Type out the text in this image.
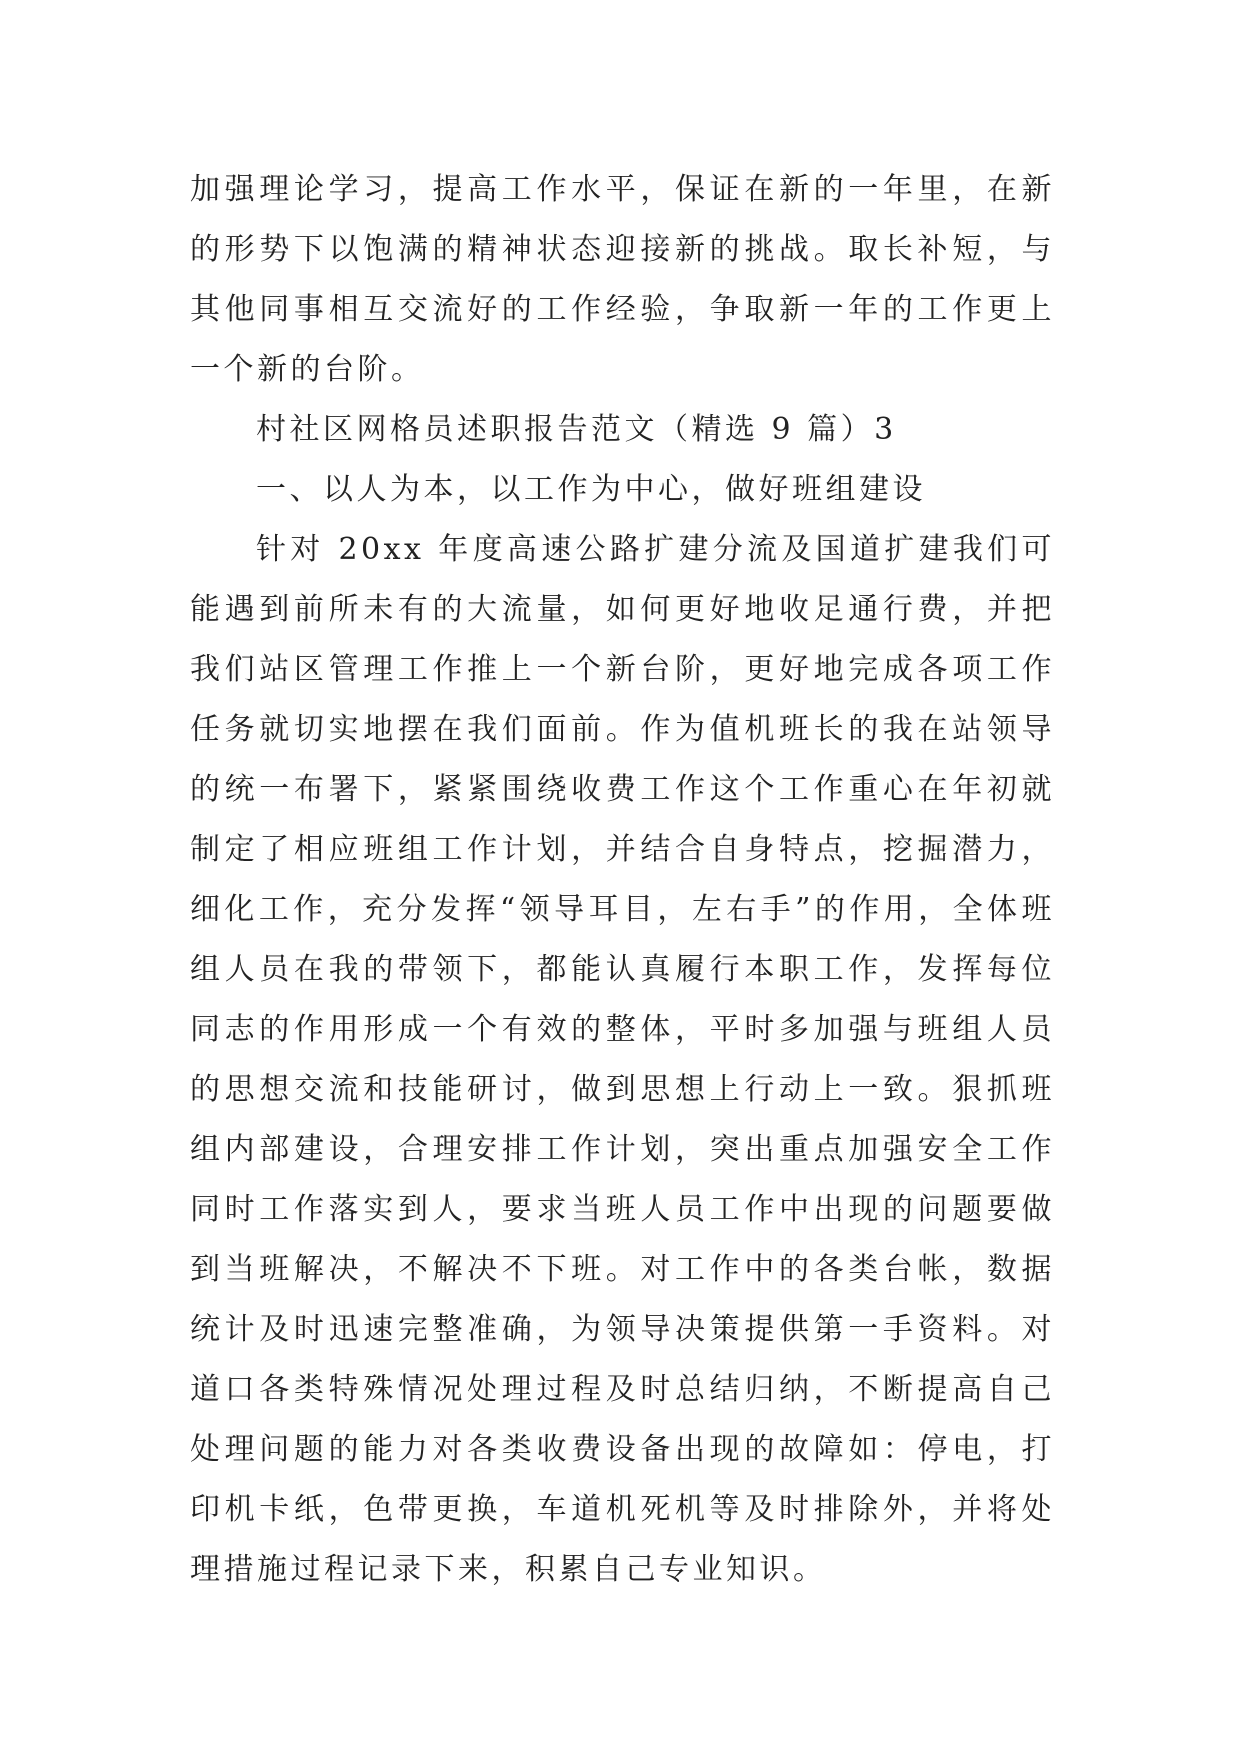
加强理论学习，提高工作水平，保证在新的一年里，在新的形势下以饱满的精神状态迎接新的挑战。取长补短，与其他同事相互交流好的工作经验，争取新一年的工作更上一个新的台阶。

村社区网格员述职报告范文（精选 9 篇）3

一、以人为本，以工作为中心，做好班组建设

针对 20xx 年度高速公路扩建分流及国道扩建我们可能遇到前所未有的大流量，如何更好地收足通行费，并把我们站区管理工作推上一个新台阶，更好地完成各项工作任务就切实地摆在我们面前。作为值机班长的我在站领导的统一布署下，紧紧围绕收费工作这个工作重心在年初就制定了相应班组工作计划，并结合自身特点，挖掘潜力，细化工作，充分发挥“领导耳目，左右手”的作用，全体班组人员在我的带领下，都能认真履行本职工作，发挥每位同志的作用形成一个有效的整体，平时多加强与班组人员的思想交流和技能研讨，做到思想上行动上一致。狠抓班组内部建设，合理安排工作计划，突出重点加强安全工作同时工作落实到人，要求当班人员工作中出现的问题要做到当班解决，不解决不下班。对工作中的各类台帐，数据统计及时迅速完整准确，为领导决策提供第一手资料。对道口各类特殊情况处理过程及时总结归纳，不断提高自己处理问题的能力对各类收费设备出现的故障如：停电，打印机卡纸，色带更换，车道机死机等及时排除外，并将处理措施过程记录下来，积累自己专业知识。
